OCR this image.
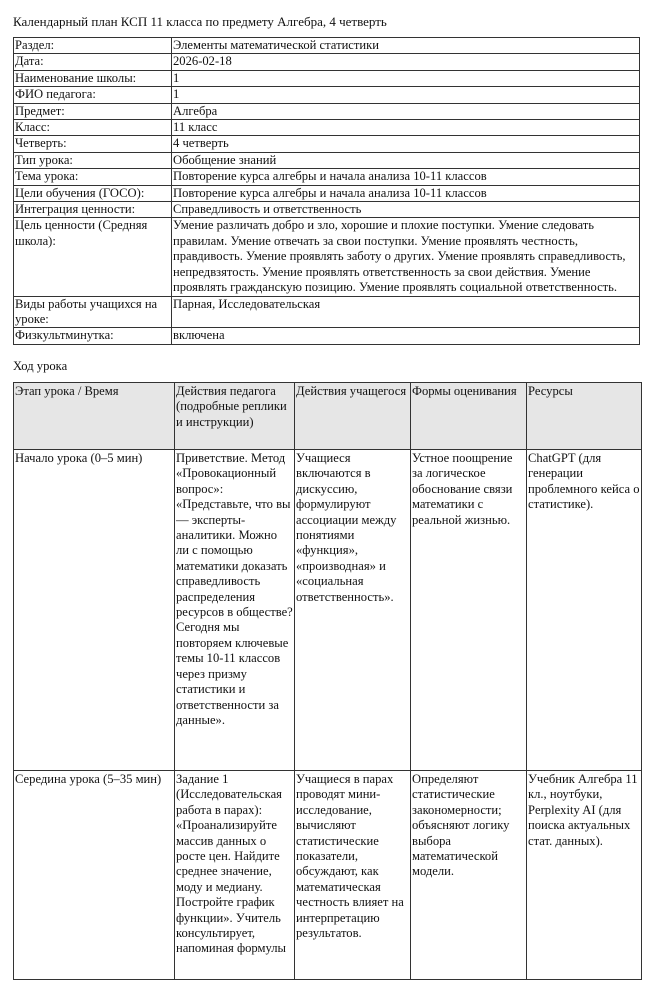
Календарный план КСП 11 класса по предмету Алгебра, 4 четверть
Раздел:	Элементы математической статистики
Дата:	2026-02-18
Наименование школы:	1
ФИО педагога:	1
Предмет:	Алгебра
Класс:	11 класс
Четверть:	4 четверть
Тип урока:	Обобщение знаний
Тема урока:	Повторение курса алгебры и начала анализа 10-11 классов
Цели обучения (ГОСО):	Повторение курса алгебры и начала анализа 10-11 классов
Интеграция ценности:	Справедливость и ответственность
Цель ценности (Средняя школа):	Умение различать добро и зло, хорошие и плохие поступки. Умение следовать правилам. Умение отвечать за свои поступки. Умение проявлять честность, правдивость. Умение проявлять заботу о других. Умение проявлять справедливость, непредвзятость. Умение проявлять ответственность за свои действия. Умение проявлять гражданскую позицию. Умение проявлять социальной ответственность.
Виды работы учащихся на уроке:	Парная, Исследовательская
Физкультминутка:	включена
Ход урока
Этап урока / Время	Действия педагога (подробные реплики и инструкции)	Действия учащегося	Формы оценивания	Ресурсы
Начало урока (0–5 мин)	Приветствие. Метод «Провокационный вопрос»: «Представьте, что вы — эксперты-аналитики. Можно ли с помощью математики доказать справедливость распределения ресурсов в обществе? Сегодня мы повторяем ключевые темы 10-11 классов через призму статистики и ответственности за данные».	Учащиеся включаются в дискуссию, формулируют ассоциации между понятиями «функция», «производная» и «социальная ответственность».	Устное поощрение за логическое обоснование связи математики с реальной жизнью.	ChatGPT (для генерации проблемного кейса о статистике).
Середина урока (5–35 мин)	Задание 1 (Исследовательская работа в парах): «Проанализируйте массив данных о росте цен. Найдите среднее значение, моду и медиану. Постройте график функции». Учитель консультирует, напоминая формулы	Учащиеся в парах проводят мини-исследование, вычисляют статистические показатели, обсуждают, как математическая честность влияет на интерпретацию результатов.	Определяют статистические закономерности; объясняют логику выбора математической модели.	Учебник Алгебра 11 кл., ноутбуки, Perplexity AI (для поиска актуальных стат. данных).
